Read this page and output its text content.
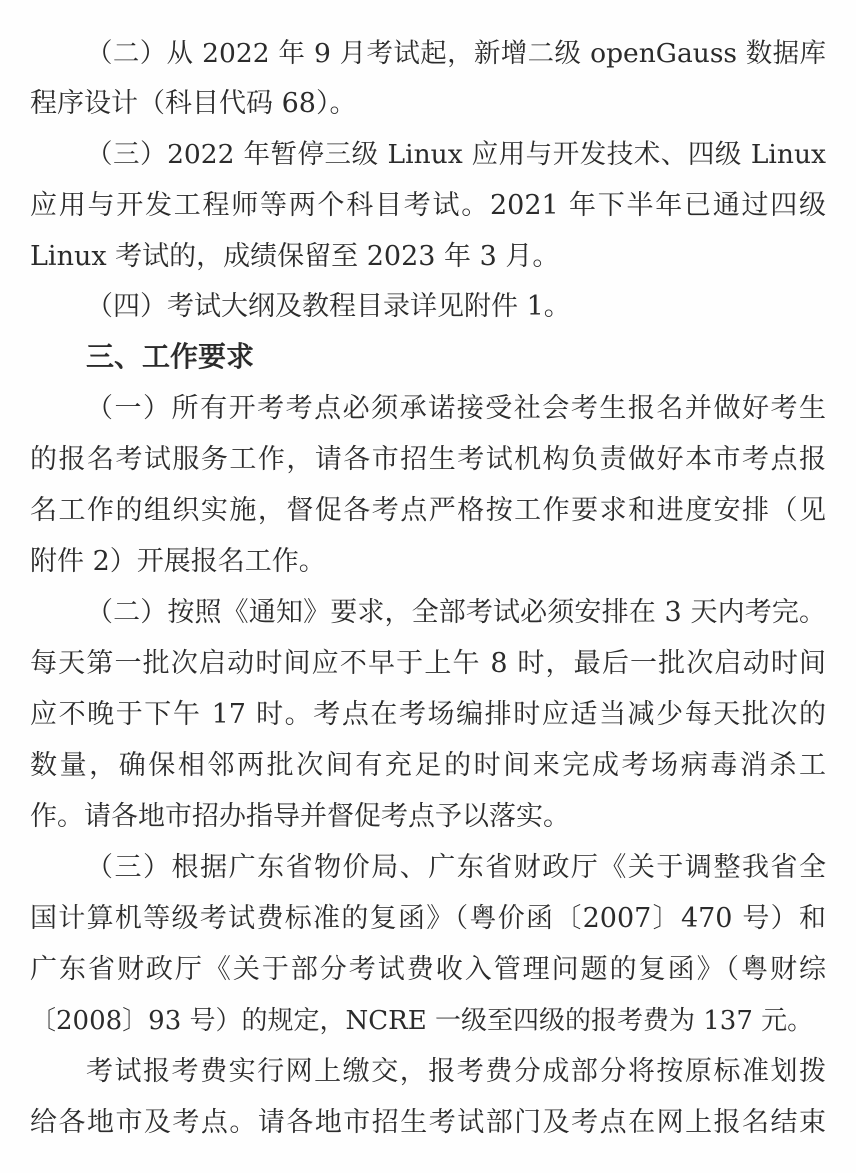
（二）从 2022 年 9 月考试起，新增二级 openGauss 数据库
程序设计（科目代码 68）。
（三）2022 年暂停三级 Linux 应用与开发技术、四级 Linux
应用与开发工程师等两个科目考试。2021 年下半年已通过四级
Linux 考试的，成绩保留至 2023 年 3 月。
（四）考试大纲及教程目录详见附件 1。
三、工作要求
（一）所有开考考点必须承诺接受社会考生报名并做好考生
的报名考试服务工作，请各市招生考试机构负责做好本市考点报
名工作的组织实施，督促各考点严格按工作要求和进度安排（见
附件 2）开展报名工作。
（二）按照《通知》要求，全部考试必须安排在 3 天内考完。
每天第一批次启动时间应不早于上午 8 时，最后一批次启动时间
应不晚于下午 17 时。考点在考场编排时应适当减少每天批次的
数量，确保相邻两批次间有充足的时间来完成考场病毒消杀工
作。请各地市招办指导并督促考点予以落实。
（三）根据广东省物价局、广东省财政厅《关于调整我省全
国计算机等级考试费标准的复函》（粤价函〔2007〕470 号）和
广东省财政厅《关于部分考试费收入管理问题的复函》（粤财综
〔2008〕93 号）的规定，NCRE 一级至四级的报考费为 137 元。
考试报考费实行网上缴交，报考费分成部分将按原标准划拨
给各地市及考点。请各地市招生考试部门及考点在网上报名结束
